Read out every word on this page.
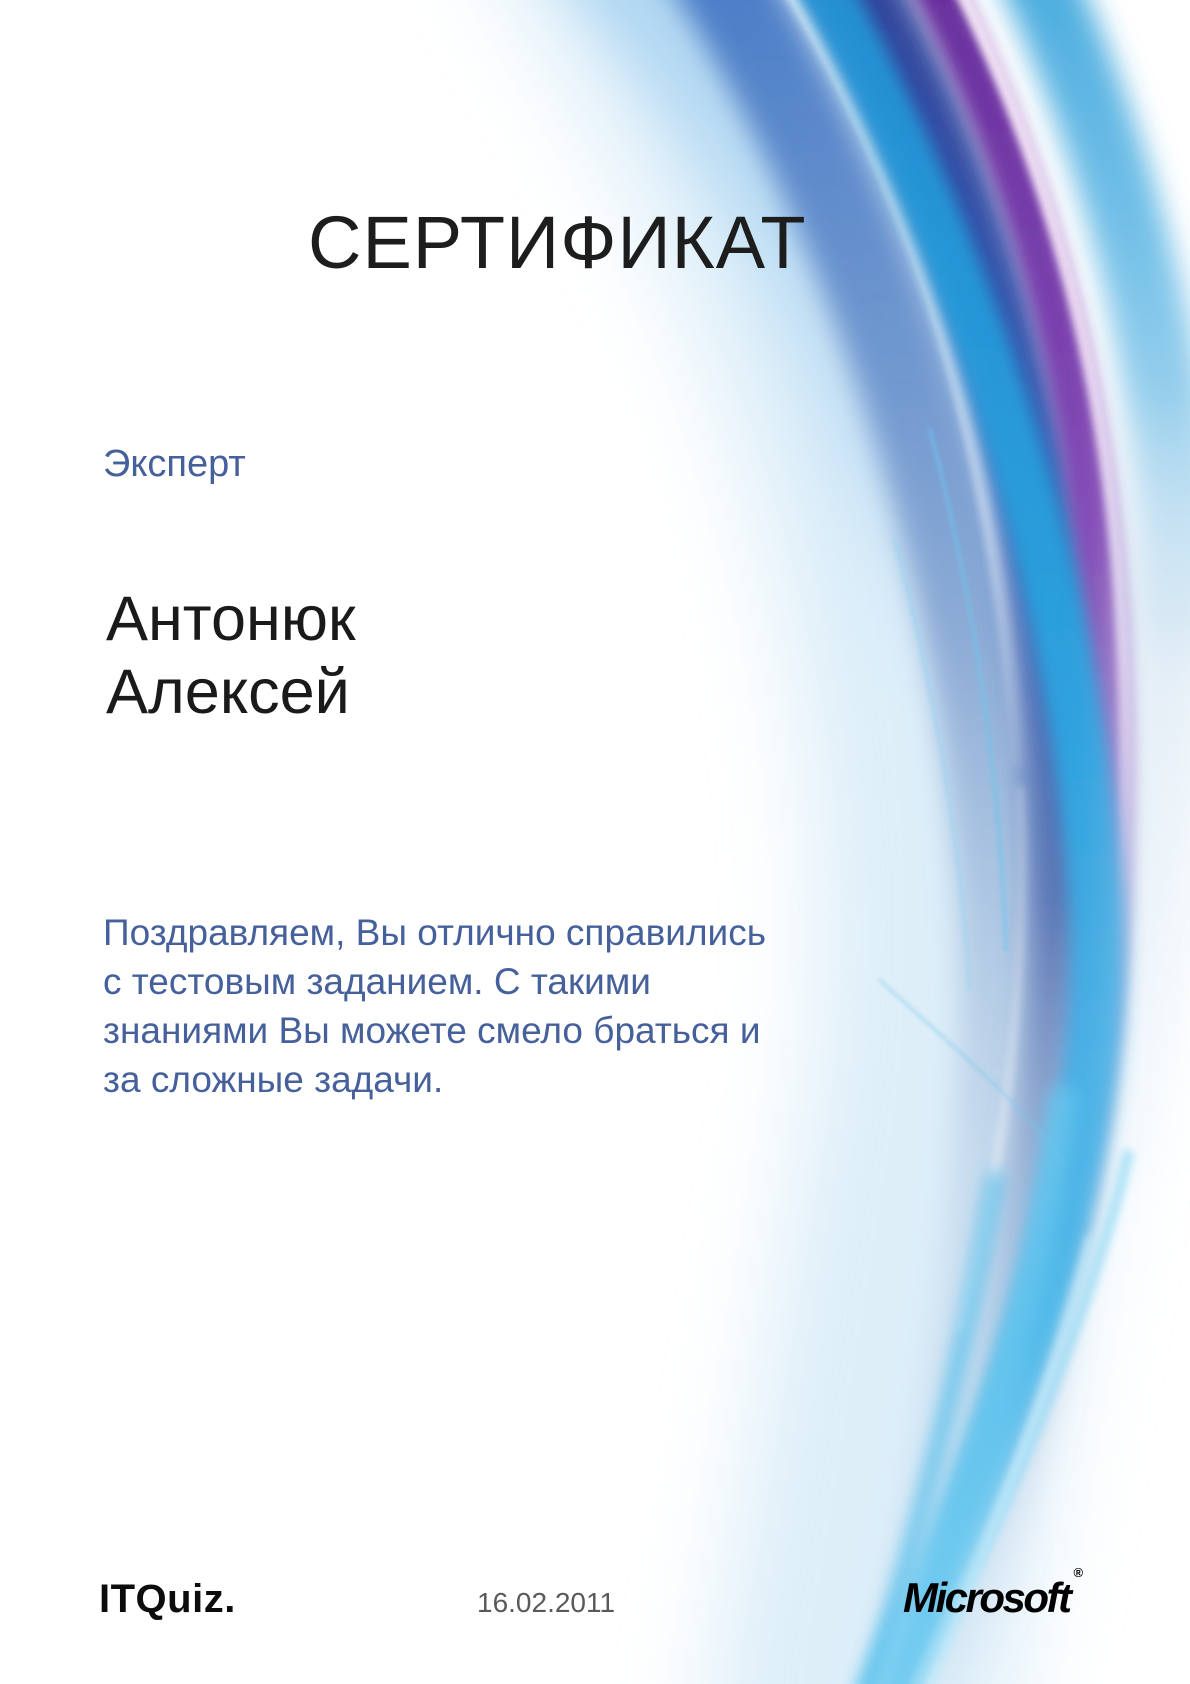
СЕРТИФИКАТ
Эксперт
Антонюк
Алексей
Поздравляем, Вы отлично справились
с тестовым заданием. С такими
знаниями Вы можете смело браться и
за сложные задачи.
ITQuiz.	16.02.2011	Microsoft®
